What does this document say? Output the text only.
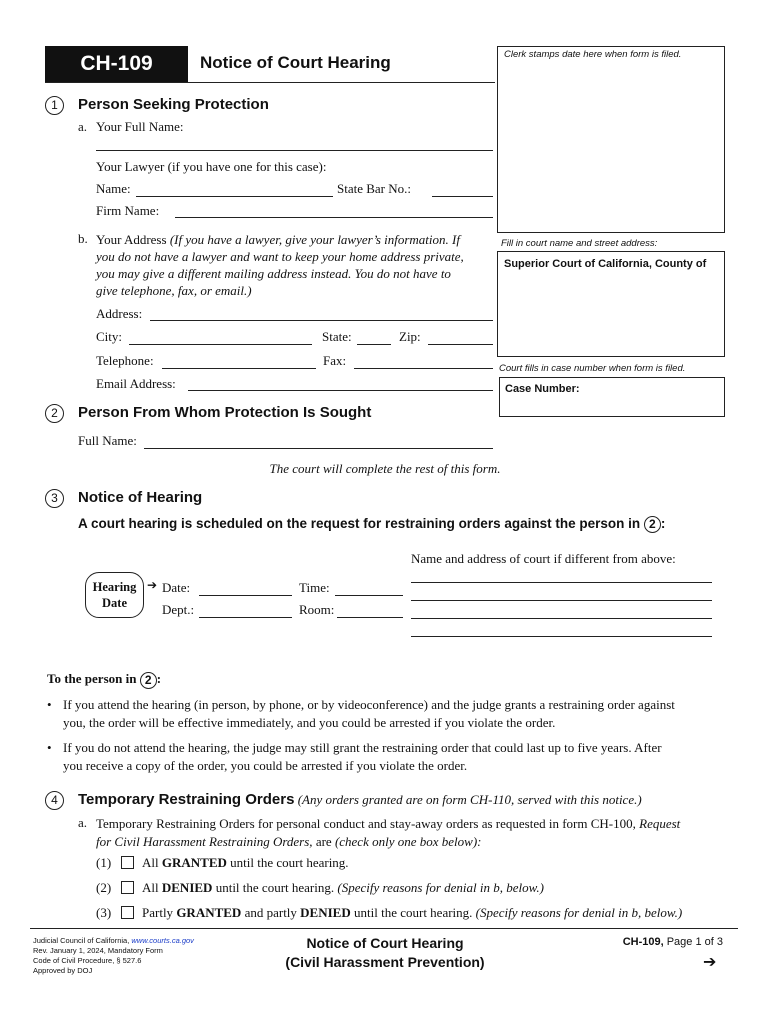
CH-109	Notice of Court Hearing	Clerk stamps date here when form is filed.
Fill in court name and street address:
Superior Court of California, County of
Court fills in case number when form is filed.
Case Number:
1	Person Seeking Protection
a. Your Full Name:
Your Lawyer (if you have one for this case):
Name:	State Bar No.:
Firm Name:
b. Your Address (If you have a lawyer, give your lawyer’s information. If
you do not have a lawyer and want to keep your home address private,
you may give a different mailing address instead. You do not have to
give telephone, fax, or email.)
Address:
City:	State:	Zip:
Telephone:	Fax:
Email Address:
2	Person From Whom Protection Is Sought
Full Name:
The court will complete the rest of this form.
3	Notice of Hearing
A court hearing is scheduled on the request for restraining orders against the person in 2 :
Name and address of court if different from above:
Hearing
Date
➔ Date:	Time:
Dept.:	Room:
To the person in 2 :
• If you attend the hearing (in person, by phone, or by videoconference) and the judge grants a restraining order against
you, the order will be effective immediately, and you could be arrested if you violate the order.
• If you do not attend the hearing, the judge may still grant the restraining order that could last up to five years. After
you receive a copy of the order, you could be arrested if you violate the order.
4	Temporary Restraining Orders (Any orders granted are on form CH-110, served with this notice.)
a. Temporary Restraining Orders for personal conduct and stay-away orders as requested in form CH-100, Request
for Civil Harassment Restraining Orders, are (check only one box below):
(1) All GRANTED until the court hearing.
(2) All DENIED until the court hearing. (Specify reasons for denial in b, below.)
(3) Partly GRANTED and partly DENIED until the court hearing. (Specify reasons for denial in b, below.)
Judicial Council of California, www.courts.ca.gov
Rev. January 1, 2024, Mandatory Form
Code of Civil Procedure, § 527.6
Approved by DOJ
Notice of Court Hearing
(Civil Harassment Prevention)
CH-109, Page 1 of 3
➔
